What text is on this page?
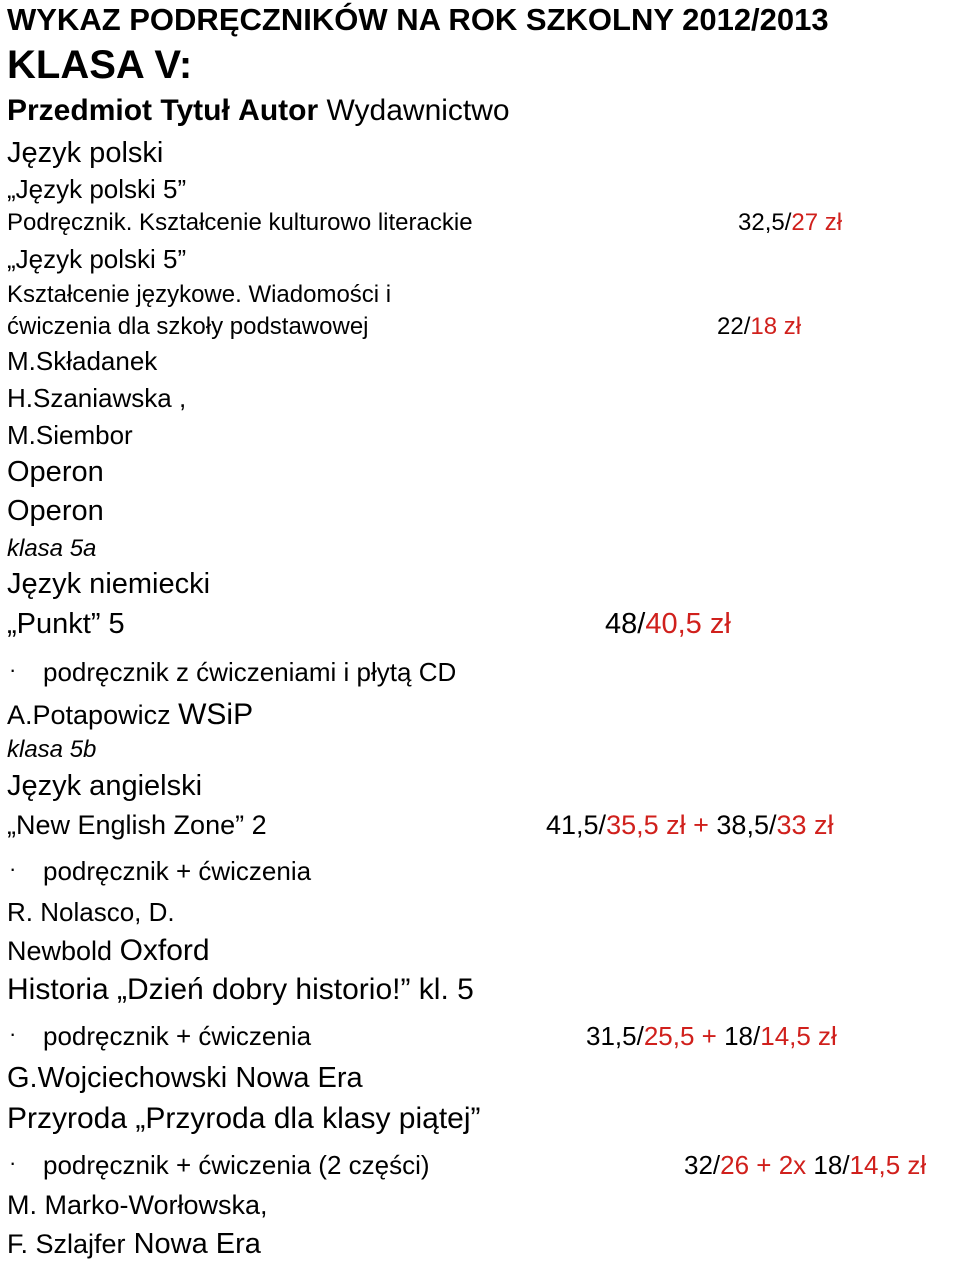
WYKAZ PODRĘCZNIKÓW NA ROK SZKOLNY 2012/2013
KLASA V:
Przedmiot Tytuł Autor Wydawnictwo
Język polski
„Język polski 5”
Podręcznik. Kształcenie kulturowo literackie	32,5/27 zł
„Język polski 5”
Kształcenie językowe. Wiadomości i
ćwiczenia dla szkoły podstawowej	22/18 zł
M.Składanek
H.Szaniawska ,
M.Siembor
Operon
Operon
klasa 5a
Język niemiecki
„Punkt” 5	48/40,5 zł
· podręcznik z ćwiczeniami i płytą CD
A.Potapowicz WSiP
klasa 5b
Język angielski
„New English Zone” 2	41,5/35,5 zł + 38,5/33 zł
· podręcznik + ćwiczenia
R. Nolasco, D.
Newbold Oxford
Historia „Dzień dobry historio!” kl. 5
· podręcznik + ćwiczenia	31,5/25,5 + 18/14,5 zł
G.Wojciechowski Nowa Era
Przyroda „Przyroda dla klasy piątej”
· podręcznik + ćwiczenia (2 części)	32/26 + 2x 18/14,5 zł
M. Marko-Worłowska,
F. Szlajfer Nowa Era
